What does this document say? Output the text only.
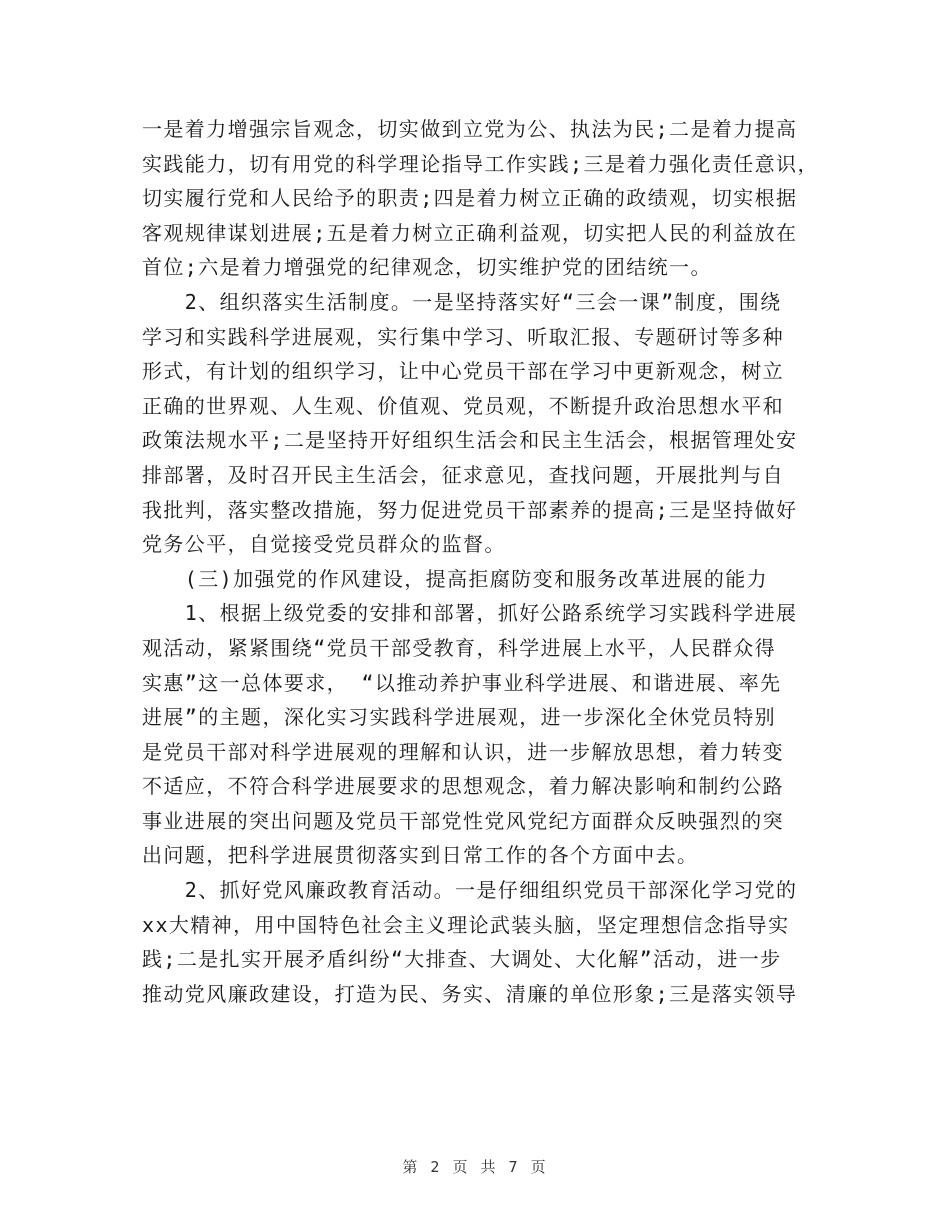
一是着力增强宗旨观念，切实做到立党为公、执法为民;二是着力提高
实践能力，切有用党的科学理论指导工作实践;三是着力强化责任意识，
切实履行党和人民给予的职责;四是着力树立正确的政绩观，切实根据
客观规律谋划进展;五是着力树立正确利益观，切实把人民的利益放在
首位;六是着力增强党的纪律观念，切实维护党的团结统一。
　　2、组织落实生活制度。一是坚持落实好“三会一课”制度，围绕
学习和实践科学进展观，实行集中学习、听取汇报、专题研讨等多种
形式，有计划的组织学习，让中心党员干部在学习中更新观念，树立
正确的世界观、人生观、价值观、党员观，不断提升政治思想水平和
政策法规水平;二是坚持开好组织生活会和民主生活会，根据管理处安
排部署，及时召开民主生活会，征求意见，查找问题，开展批判与自
我批判，落实整改措施，努力促进党员干部素养的提高;三是坚持做好
党务公平，自觉接受党员群众的监督。
　　(三)加强党的作风建设，提高拒腐防变和服务改革进展的能力
　　1、根据上级党委的安排和部署，抓好公路系统学习实践科学进展
观活动，紧紧围绕“党员干部受教育，科学进展上水平，人民群众得
实惠”这一总体要求， “以推动养护事业科学进展、和谐进展、率先
进展”的主题，深化实习实践科学进展观，进一步深化全休党员特别
是党员干部对科学进展观的理解和认识，进一步解放思想，着力转变
不适应，不符合科学进展要求的思想观念，着力解决影响和制约公路
事业进展的突出问题及党员干部党性党风党纪方面群众反映强烈的突
出问题，把科学进展贯彻落实到日常工作的各个方面中去。
　　2、抓好党风廉政教育活动。一是仔细组织党员干部深化学习党的
xx大精神，用中国特色社会主义理论武装头脑，坚定理想信念指导实
践;二是扎实开展矛盾纠纷“大排查、大调处、大化解”活动，进一步
推动党风廉政建设，打造为民、务实、清廉的单位形象;三是落实领导
第 2 页 共 7 页
